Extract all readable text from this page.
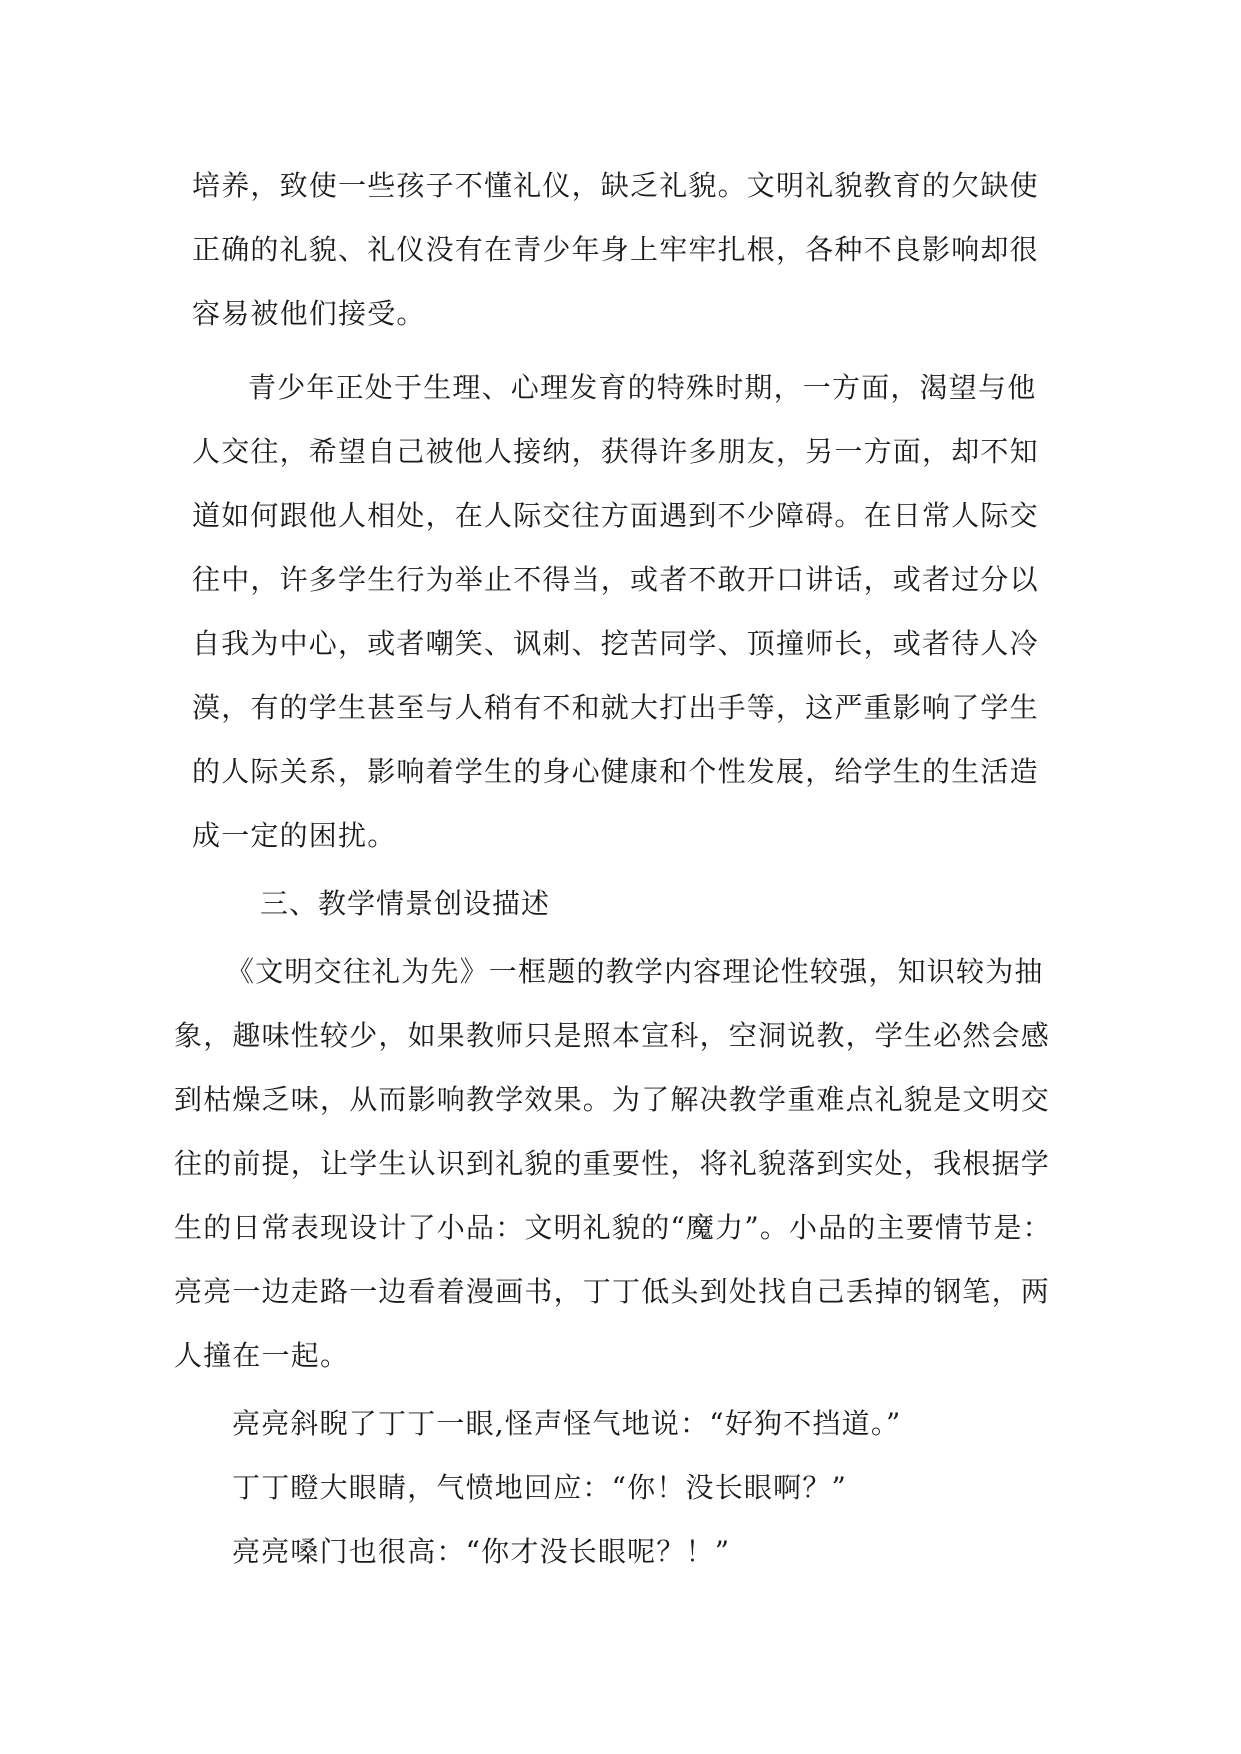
培养，致使一些孩子不懂礼仪，缺乏礼貌。文明礼貌教育的欠缺使
正确的礼貌、礼仪没有在青少年身上牢牢扎根，各种不良影响却很
容易被他们接受。
青少年正处于生理、心理发育的特殊时期，一方面，渴望与他
人交往，希望自己被他人接纳，获得许多朋友，另一方面，却不知
道如何跟他人相处，在人际交往方面遇到不少障碍。在日常人际交
往中，许多学生行为举止不得当，或者不敢开口讲话，或者过分以
自我为中心，或者嘲笑、讽刺、挖苦同学、顶撞师长，或者待人冷
漠，有的学生甚至与人稍有不和就大打出手等，这严重影响了学生
的人际关系，影响着学生的身心健康和个性发展，给学生的生活造
成一定的困扰。
三、教学情景创设描述
《文明交往礼为先》一框题的教学内容理论性较强，知识较为抽
象，趣味性较少，如果教师只是照本宣科，空洞说教，学生必然会感
到枯燥乏味，从而影响教学效果。为了解决教学重难点礼貌是文明交
往的前提，让学生认识到礼貌的重要性，将礼貌落到实处，我根据学
生的日常表现设计了小品：文明礼貌的“魔力”。小品的主要情节是：
亮亮一边走路一边看着漫画书，丁丁低头到处找自己丢掉的钢笔，两
人撞在一起。
亮亮斜睨了丁丁一眼,怪声怪气地说：“好狗不挡道。”
丁丁瞪大眼睛，气愤地回应：“你！没长眼啊？”
亮亮嗓门也很高：“你才没长眼呢？！”
